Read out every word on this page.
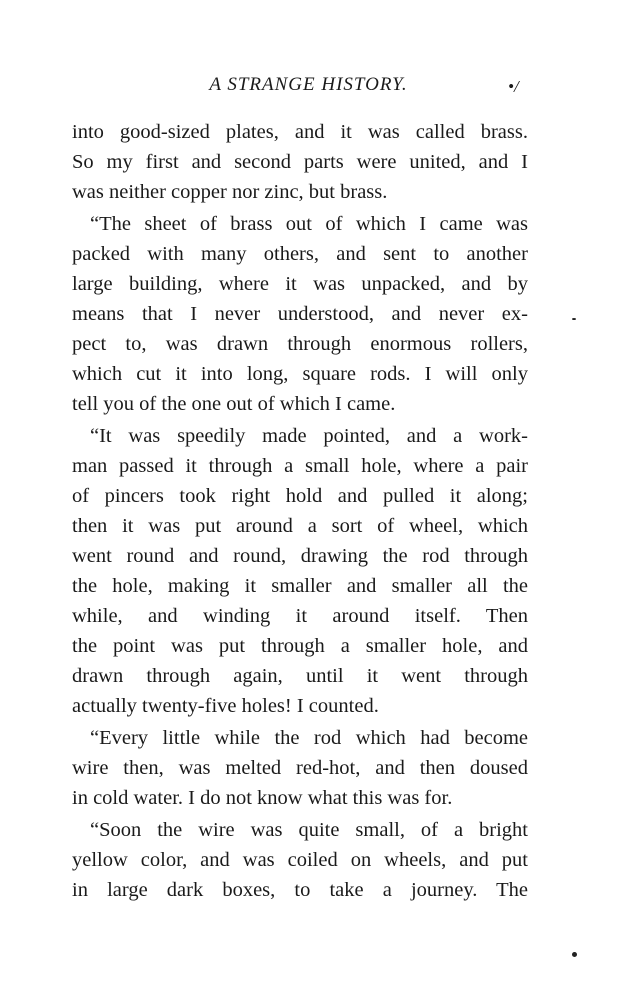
A STRANGE HISTORY.	•/
into good-sized plates, and it was called brass.
So my first and second parts were united, and I
was neither copper nor zinc, but brass.
“The sheet of brass out of which I came was
packed with many others, and sent to another
large building, where it was unpacked, and by
means that I never understood, and never ex-
pect to, was drawn through enormous rollers,
which cut it into long, square rods. I will only
tell you of the one out of which I came.
“It was speedily made pointed, and a work-
man passed it through a small hole, where a pair
of pincers took right hold and pulled it along;
then it was put around a sort of wheel, which
went round and round, drawing the rod through
the hole, making it smaller and smaller all the
while, and winding it around itself. Then
the point was put through a smaller hole, and
drawn through again, until it went through
actually twenty-five holes! I counted.
“Every little while the rod which had become
wire then, was melted red-hot, and then doused
in cold water. I do not know what this was for.
“Soon the wire was quite small, of a bright
yellow color, and was coiled on wheels, and put
in large dark boxes, to take a journey. The
